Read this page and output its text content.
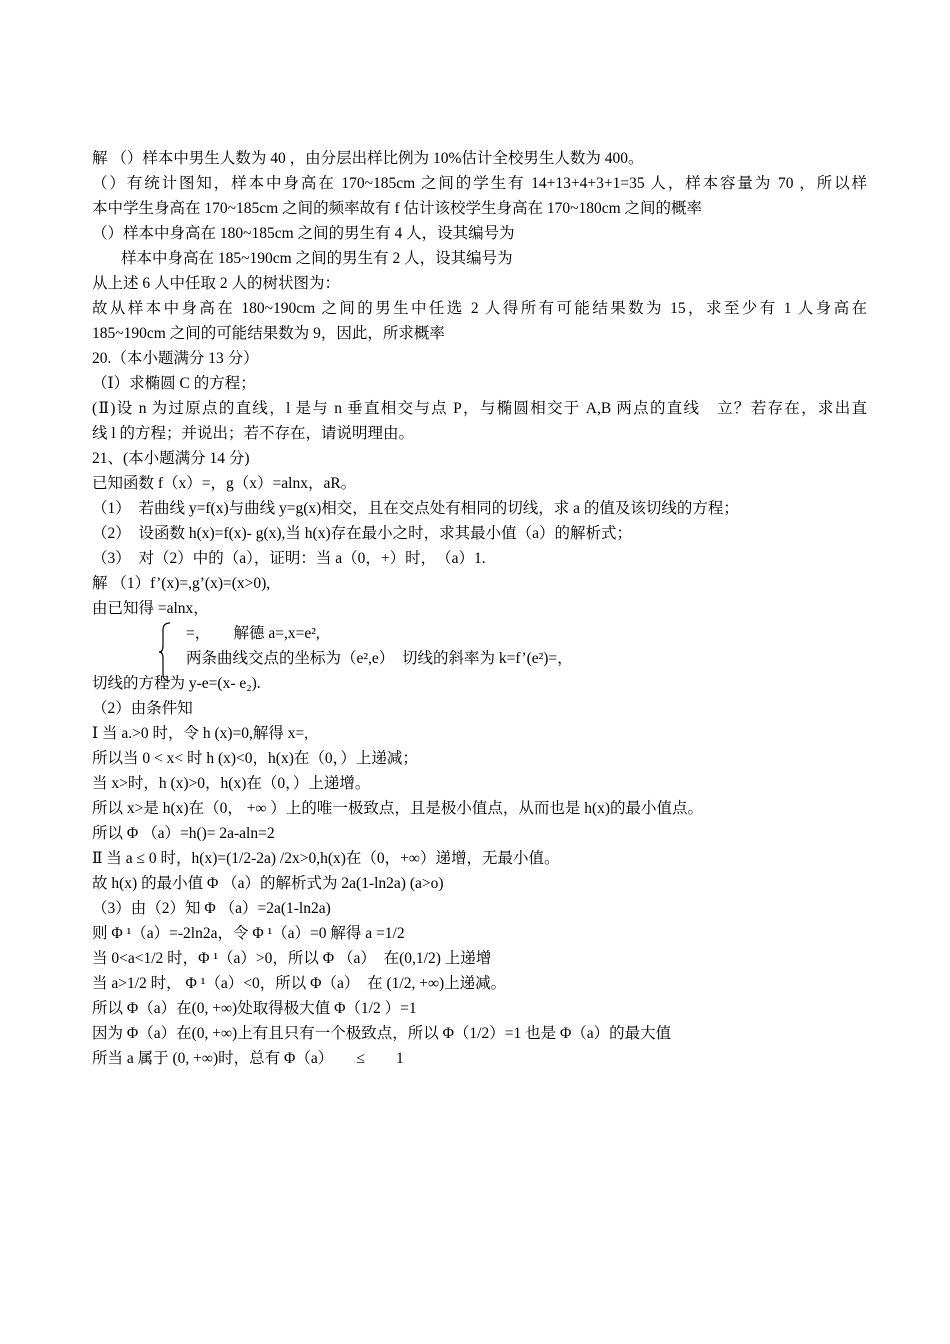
解 （）样本中男生人数为 40 ，由分层出样比例为 10%估计全校男生人数为 400。
（）有统计图知，样本中身高在 170~185cm 之间的学生有 14+13+4+3+1=35 人，样本容量为 70 ，所以样
本中学生身高在 170~185cm 之间的频率故有 f 估计该校学生身高在 170~180cm 之间的概率
（）样本中身高在 180~185cm 之间的男生有 4 人，设其编号为
样本中身高在 185~190cm 之间的男生有 2 人，设其编号为
从上述 6 人中任取 2 人的树状图为：
故从样本中身高在 180~190cm 之间的男生中任选 2 人得所有可能结果数为 15，求至少有 1 人身高在
185~190cm 之间的可能结果数为 9，因此，所求概率
20.（本小题满分 13 分）
（Ⅰ）求椭圆 C 的方程；
(Ⅱ)设 n 为过原点的直线，l 是与 n 垂直相交与点 P，与椭圆相交于 A,B 两点的直线　立？若存在，求出直
线 l 的方程；并说出；若不存在，请说明理由。
21、(本小题满分 14 分)
已知函数 f（x）=，g（x）=alnx，aR。
（1）　若曲线 y=f(x)与曲线 y=g(x)相交，且在交点处有相同的切线，求 a 的值及该切线的方程；
（2）　设函数 h(x)=f(x)- g(x),当 h(x)存在最小之时，求其最小值（a）的解析式；
（3）　对（2）中的（a），证明：当 a（0，+）时，　（a）1.
解 （1）f’(x)=,g’(x)=(x>0),
由已知得 =alnx，
=，　　解德 a=,x=e²,
两条曲线交点的坐标为（e²,e）　切线的斜率为 k=f’(e²)=，
切线的方程为 y-e=(x- e₂).
（2）由条件知
Ⅰ 当 a.>0 时，令 h (x)=0,解得 x=,
所以当 0 < x< 时 h (x)<0，h(x)在（0，）上递减；
当 x>时，h (x)>0，h(x)在（0，）上递增。
所以 x>是 h(x)在（0， +∞ ）上的唯一极致点，且是极小值点，从而也是 h(x)的最小值点。
所以 Φ （a）=h()= 2a-aln=2
Ⅱ 当 a ≤ 0 时，h(x)=(1/2-2a) /2x>0,h(x)在（0，+∞）递增，无最小值。
故 h(x) 的最小值 Φ （a）的解析式为 2a(1-ln2a) (a>o)
（3）由（2）知 Φ （a）=2a(1-ln2a)
则 Φ ¹（a）=-2ln2a，令 Φ ¹（a）=0 解得 a =1/2
当 0<a<1/2 时，Φ ¹（a）>0，所以 Φ （a）　在(0,1/2) 上递增
当 a>1/2 时， Φ ¹（a）<0，所以 Φ（a）　在 (1/2, +∞)上递减。
所以 Φ（a）在(0, +∞)处取得极大值 Φ（1/2 ）=1
因为 Φ（a）在(0, +∞)上有且只有一个极致点，所以 Φ（1/2）=1 也是 Φ（a）的最大值
所当 a 属于 (0, +∞)时，总有 Φ（a）　　≤　　1
